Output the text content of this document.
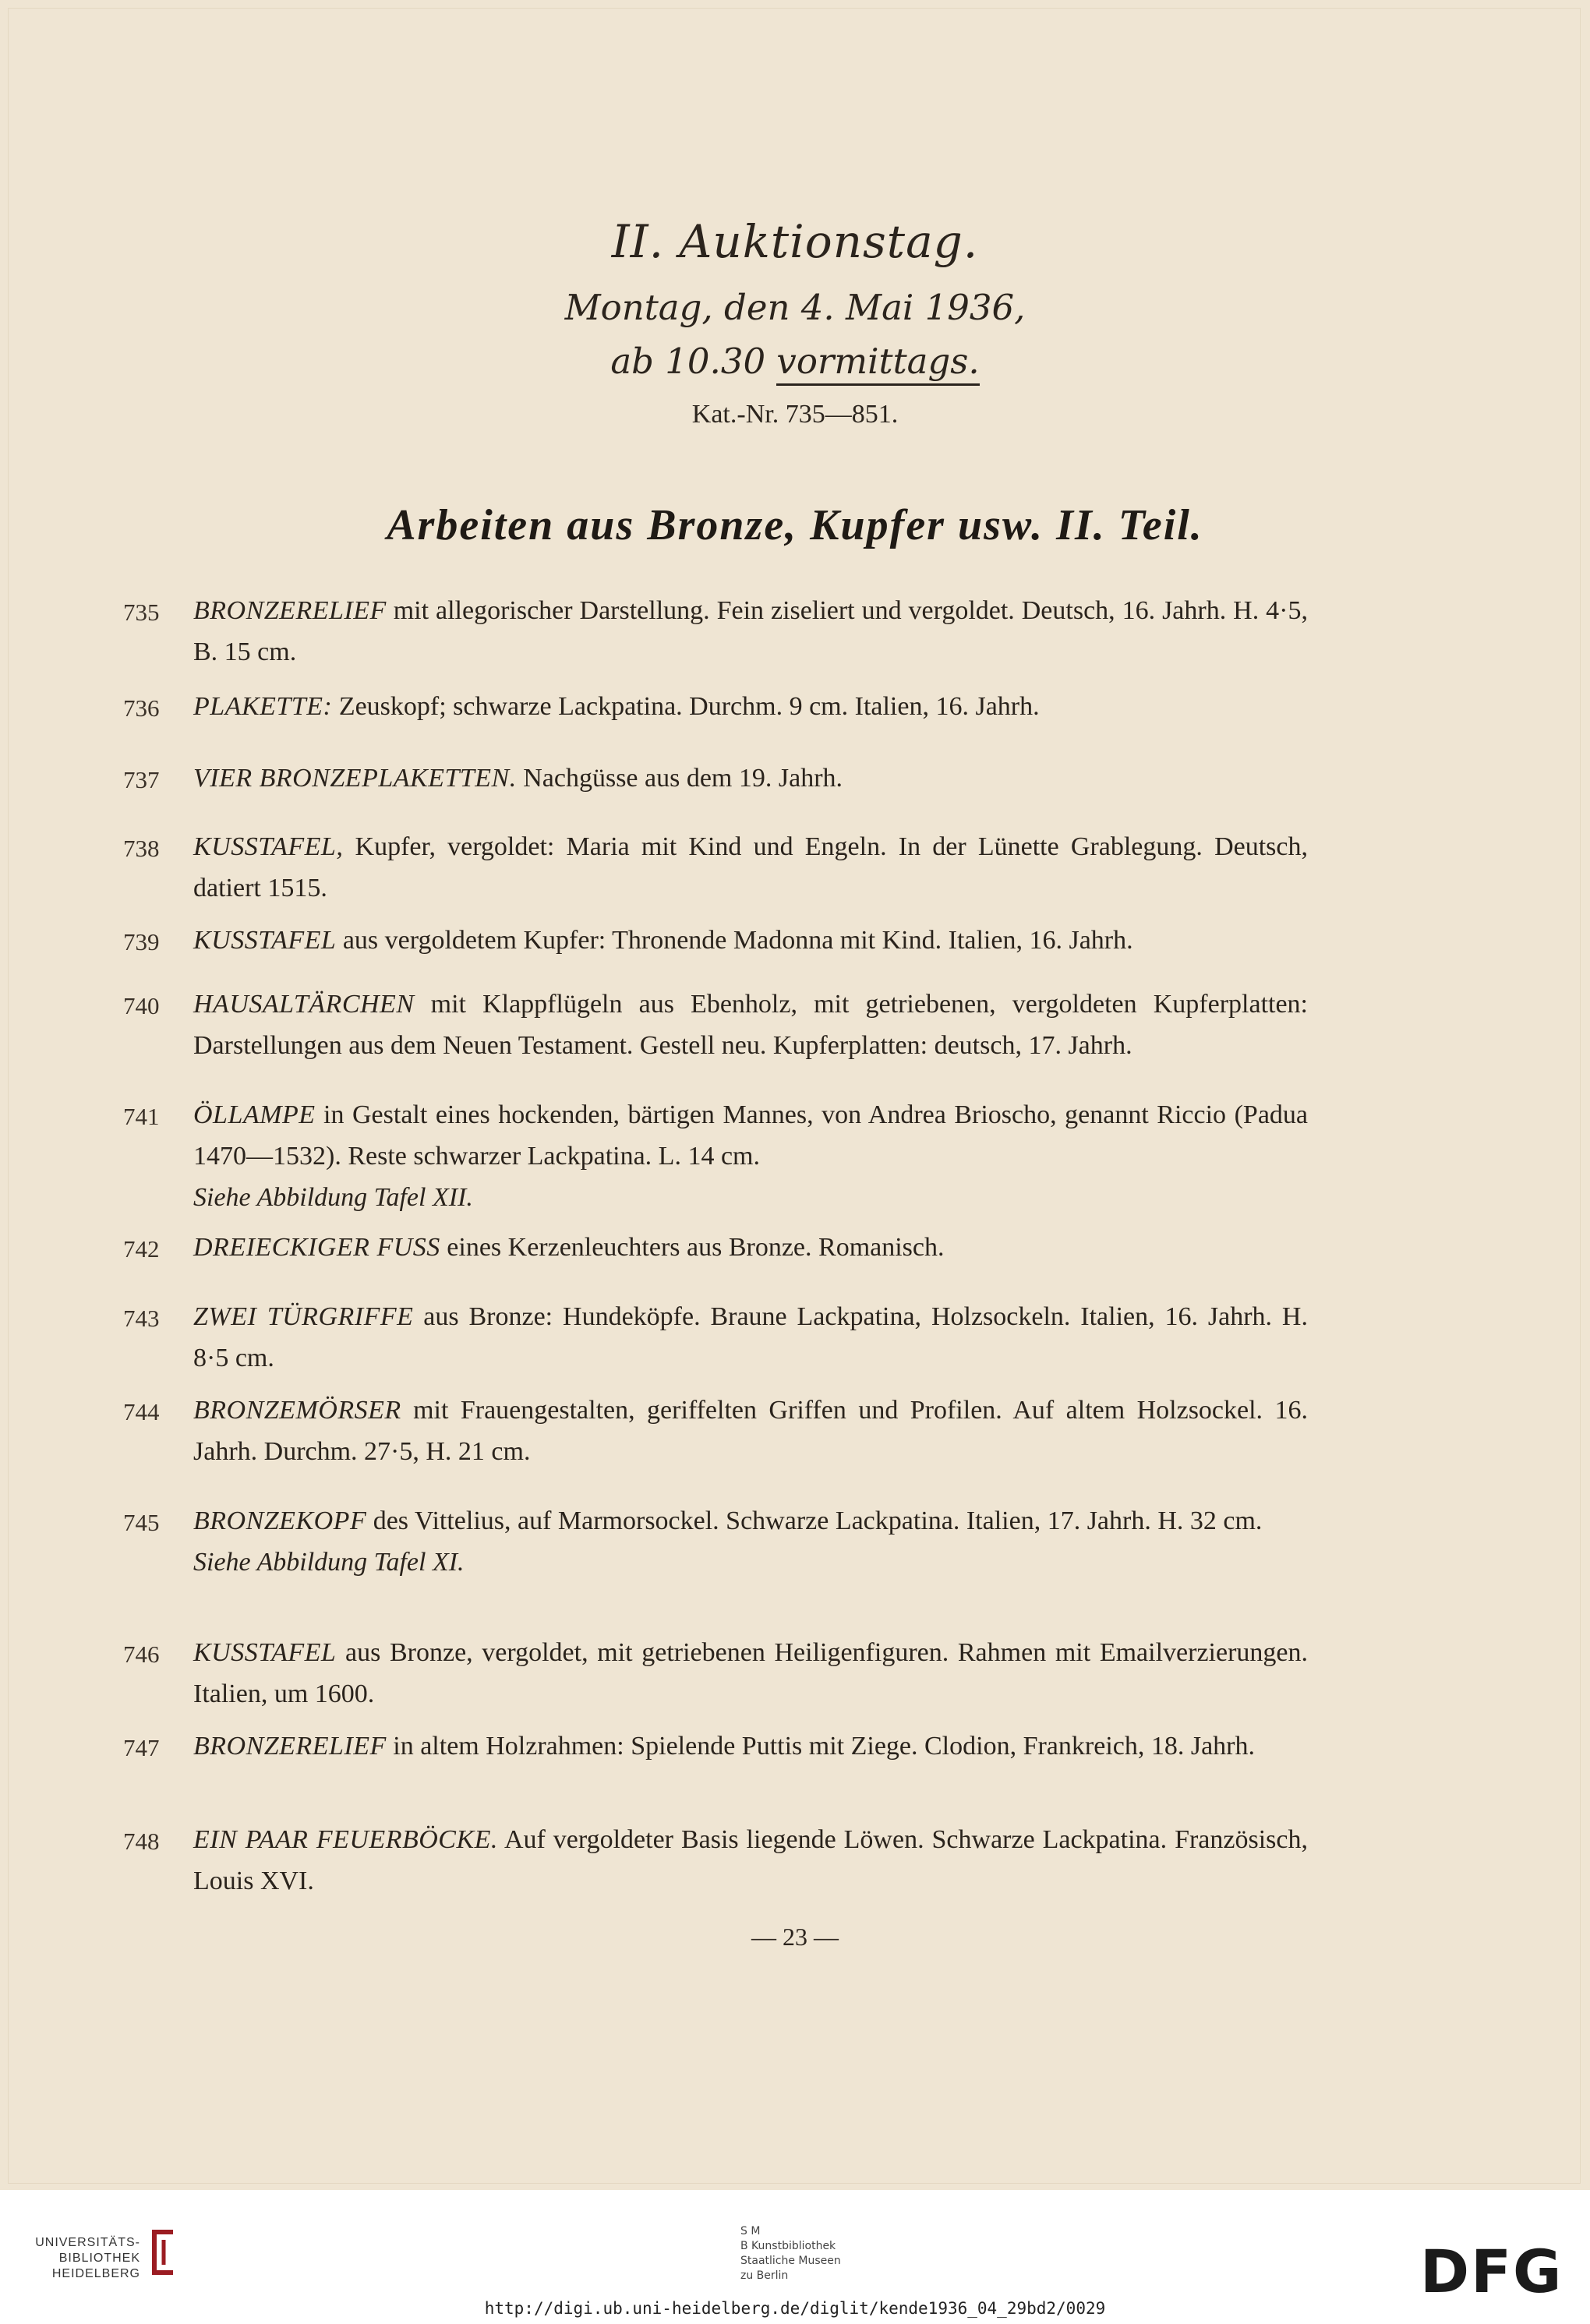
II. Auktionstag.
Montag, den 4. Mai 1936,
ab 10.30 vormittags.
Kat.-Nr. 735—851.
Arbeiten aus Bronze, Kupfer usw. II. Teil.
735 BRONZERELIEF mit allegorischer Darstellung. Fein ziseliert und vergoldet. Deutsch, 16. Jahrh. H. 4·5, B. 15 cm.
736 PLAKETTE: Zeuskopf; schwarze Lackpatina. Durchm. 9 cm. Italien, 16. Jahrh.
737 VIER BRONZEPLAKETTEN. Nachgüsse aus dem 19. Jahrh.
738 KUSSTAFEL, Kupfer, vergoldet: Maria mit Kind und Engeln. In der Lünette Grablegung. Deutsch, datiert 1515.
739 KUSSTAFEL aus vergoldetem Kupfer: Thronende Madonna mit Kind. Italien, 16. Jahrh.
740 HAUSALTÄRCHEN mit Klappflügeln aus Ebenholz, mit getriebenen, vergoldeten Kupferplatten: Darstellungen aus dem Neuen Testament. Gestell neu. Kupferplatten: deutsch, 17. Jahrh.
741 ÖLLAMPE in Gestalt eines hockenden, bärtigen Mannes, von Andrea Brioscho, genannt Riccio (Padua 1470—1532). Reste schwarzer Lackpatina. L. 14 cm.
Siehe Abbildung Tafel XII.
742 DREIECKIGER FUSS eines Kerzenleuchters aus Bronze. Romanisch.
743 ZWEI TÜRGRIFFE aus Bronze: Hundeköpfe. Braune Lackpatina, Holzsockeln. Italien, 16. Jahrh. H. 8·5 cm.
744 BRONZEMÖRSER mit Frauengestalten, geriffelten Griffen und Profilen. Auf altem Holzsockel. 16. Jahrh. Durchm. 27·5, H. 21 cm.
745 BRONZEKOPF des Vittelius, auf Marmorsockel. Schwarze Lackpatina. Italien, 17. Jahrh. H. 32 cm.
Siehe Abbildung Tafel XI.
746 KUSSTAFEL aus Bronze, vergoldet, mit getriebenen Heiligenfiguren. Rahmen mit Emailverzierungen. Italien, um 1600.
747 BRONZERELIEF in altem Holzrahmen: Spielende Puttis mit Ziege. Clodion, Frankreich, 18. Jahrh.
748 EIN PAAR FEUERBÖCKE. Auf vergoldeter Basis liegende Löwen. Schwarze Lackpatina. Französisch, Louis XVI.
— 23 —
UNIVERSITÄTS-
BIBLIOTHEK
HEIDELBERG
S M
B Kunstbibliothek
Staatliche Museen
zu Berlin	DFG
http://digi.ub.uni-heidelberg.de/diglit/kende1936_04_29bd2/0029
